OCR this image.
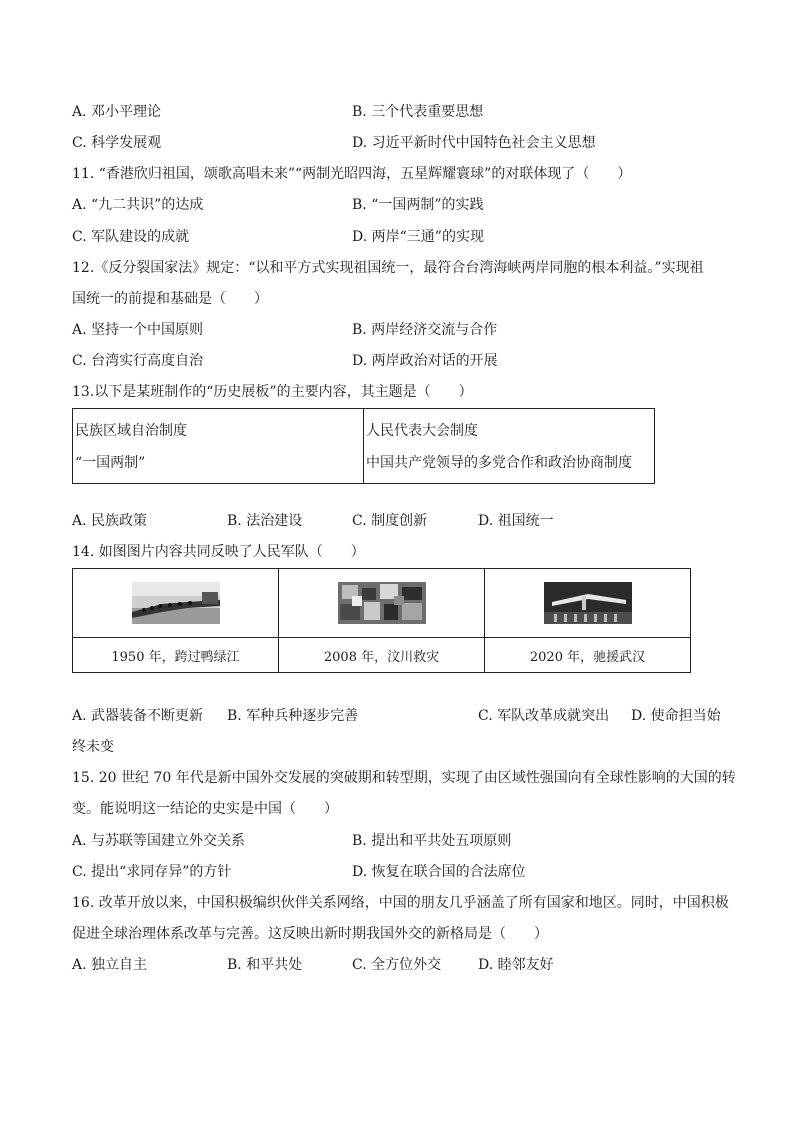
A. 邓小平理论	B. 三个代表重要思想
C. 科学发展观	D. 习近平新时代中国特色社会主义思想
11. “香港欣归祖国，颂歌高唱未来”“两制光昭四海，五星辉耀寰球”的对联体现了（　　）
A. “九二共识”的达成	B. “一国两制”的实践
C. 军队建设的成就	D. 两岸“三通”的实现
12.《反分裂国家法》规定：“以和平方式实现祖国统一，最符合台湾海峡两岸同胞的根本利益。”实现祖
国统一的前提和基础是（　　）
A. 坚持一个中国原则	B. 两岸经济交流与合作
C. 台湾实行高度自治	D. 两岸政治对话的开展
13.以下是某班制作的“历史展板”的主要内容，其主题是（　　）
民族区域自治制度
“一国两制”

人民代表大会制度
中国共产党领导的多党合作和政治协商制度
A. 民族政策	B. 法治建设	C. 制度创新	D. 祖国统一
14. 如图图片内容共同反映了人民军队（　　）

1950 年，跨过鸭绿江	2008 年，汶川救灾	2020 年，驰援武汉
A. 武器装备不断更新 B. 军种兵种逐步完善	C. 军队改革成就突出 D. 使命担当始
终未变
15. 20 世纪 70 年代是新中国外交发展的突破期和转型期，实现了由区域性强国向有全球性影响的大国的转
变。能说明这一结论的史实是中国（　　）
A. 与苏联等国建立外交关系	B. 提出和平共处五项原则
C. 提出“求同存异”的方针	D. 恢复在联合国的合法席位
16. 改革开放以来，中国积极编织伙伴关系网络，中国的朋友几乎涵盖了所有国家和地区。同时，中国积极
促进全球治理体系改革与完善。这反映出新时期我国外交的新格局是（　　）
A. 独立自主	B. 和平共处	C. 全方位外交	D. 睦邻友好
